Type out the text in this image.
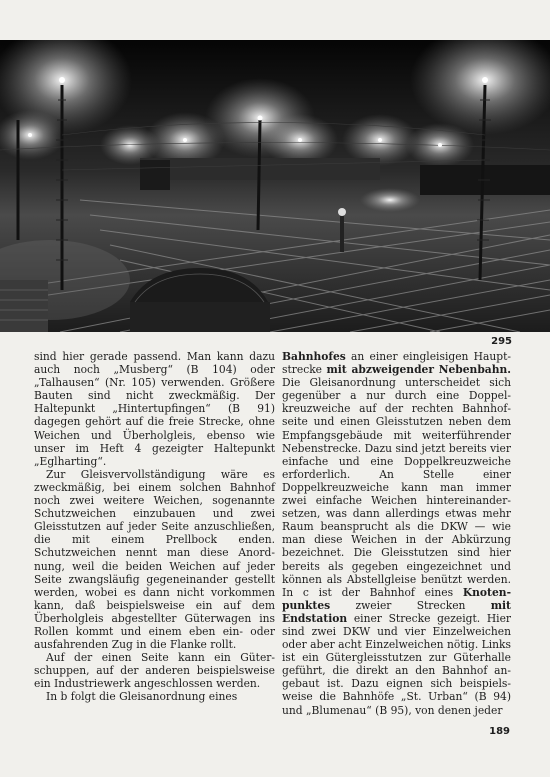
295

sind hier gerade passend. Man kann dazu auch noch „Musberg“ (B 104) oder „Talhausen“ (Nr. 105) verwenden. Größere Bauten sind nicht zweckmäßig. Der Haltepunkt „Hintertupfingen“ (B 91) dagegen gehört auf die freie Strecke, ohne Weichen und Überholgleis, ebenso wie unser im Heft 4 gezeigter Haltepunkt „Eglharting“.

Zur Gleisvervollständigung wäre es zweckmäßig, bei einem solchen Bahnhof noch zwei weitere Weichen, sogenannte Schutzweichen einzubauen und zwei Gleisstutzen auf jeder Seite anzuschließen, die mit einem Prellbock enden. Schutzweichen nennt man diese Anordnung, weil die beiden Weichen auf jeder Seite zwangsläufig gegeneinander gestellt werden, wobei es dann nicht vorkommen kann, daß beispielsweise ein auf dem Überholgleis abgestellter Güterwagen ins Rollen kommt und einem eben ein- oder ausfahrenden Zug in die Flanke rollt.

Auf der einen Seite kann ein Güterschuppen, auf der anderen beispielsweise ein Industriewerk angeschlossen werden.

In b folgt die Gleisanordnung eines

Bahnhofes an einer eingleisigen Hauptstrecke mit abzweigender Nebenbahn. Die Gleisanordnung unterscheidet sich gegenüber a nur durch eine Doppelkreuzweiche auf der rechten Bahnhofseite und einen Gleisstutzen neben dem Empfangsgebäude mit weiterführender Nebenstrecke. Dazu sind jetzt bereits vier einfache und eine Doppelkreuzweiche erforderlich. An Stelle einer Doppelkreuzweiche kann man immer zwei einfache Weichen hintereinandersetzen, was dann allerdings etwas mehr Raum beansprucht als die DKW — wie man diese Weichen in der Abkürzung bezeichnet. Die Gleisstutzen sind hier bereits als gegeben eingezeichnet und können als Abstellgleise benützt werden. In c ist der Bahnhof eines Knotenpunktes zweier Strecken mit Endstation einer Strecke gezeigt. Hier sind zwei DKW und vier Einzelweichen oder aber acht Einzelweichen nötig. Links ist ein Gütergleisstutzen zur Güterhalle geführt, die direkt an den Bahnhof angebaut ist. Dazu eignen sich beispielsweise die Bahnhöfe „St. Urban“ (B 94) und „Blumenau“ (B 95), von denen jeder

189
